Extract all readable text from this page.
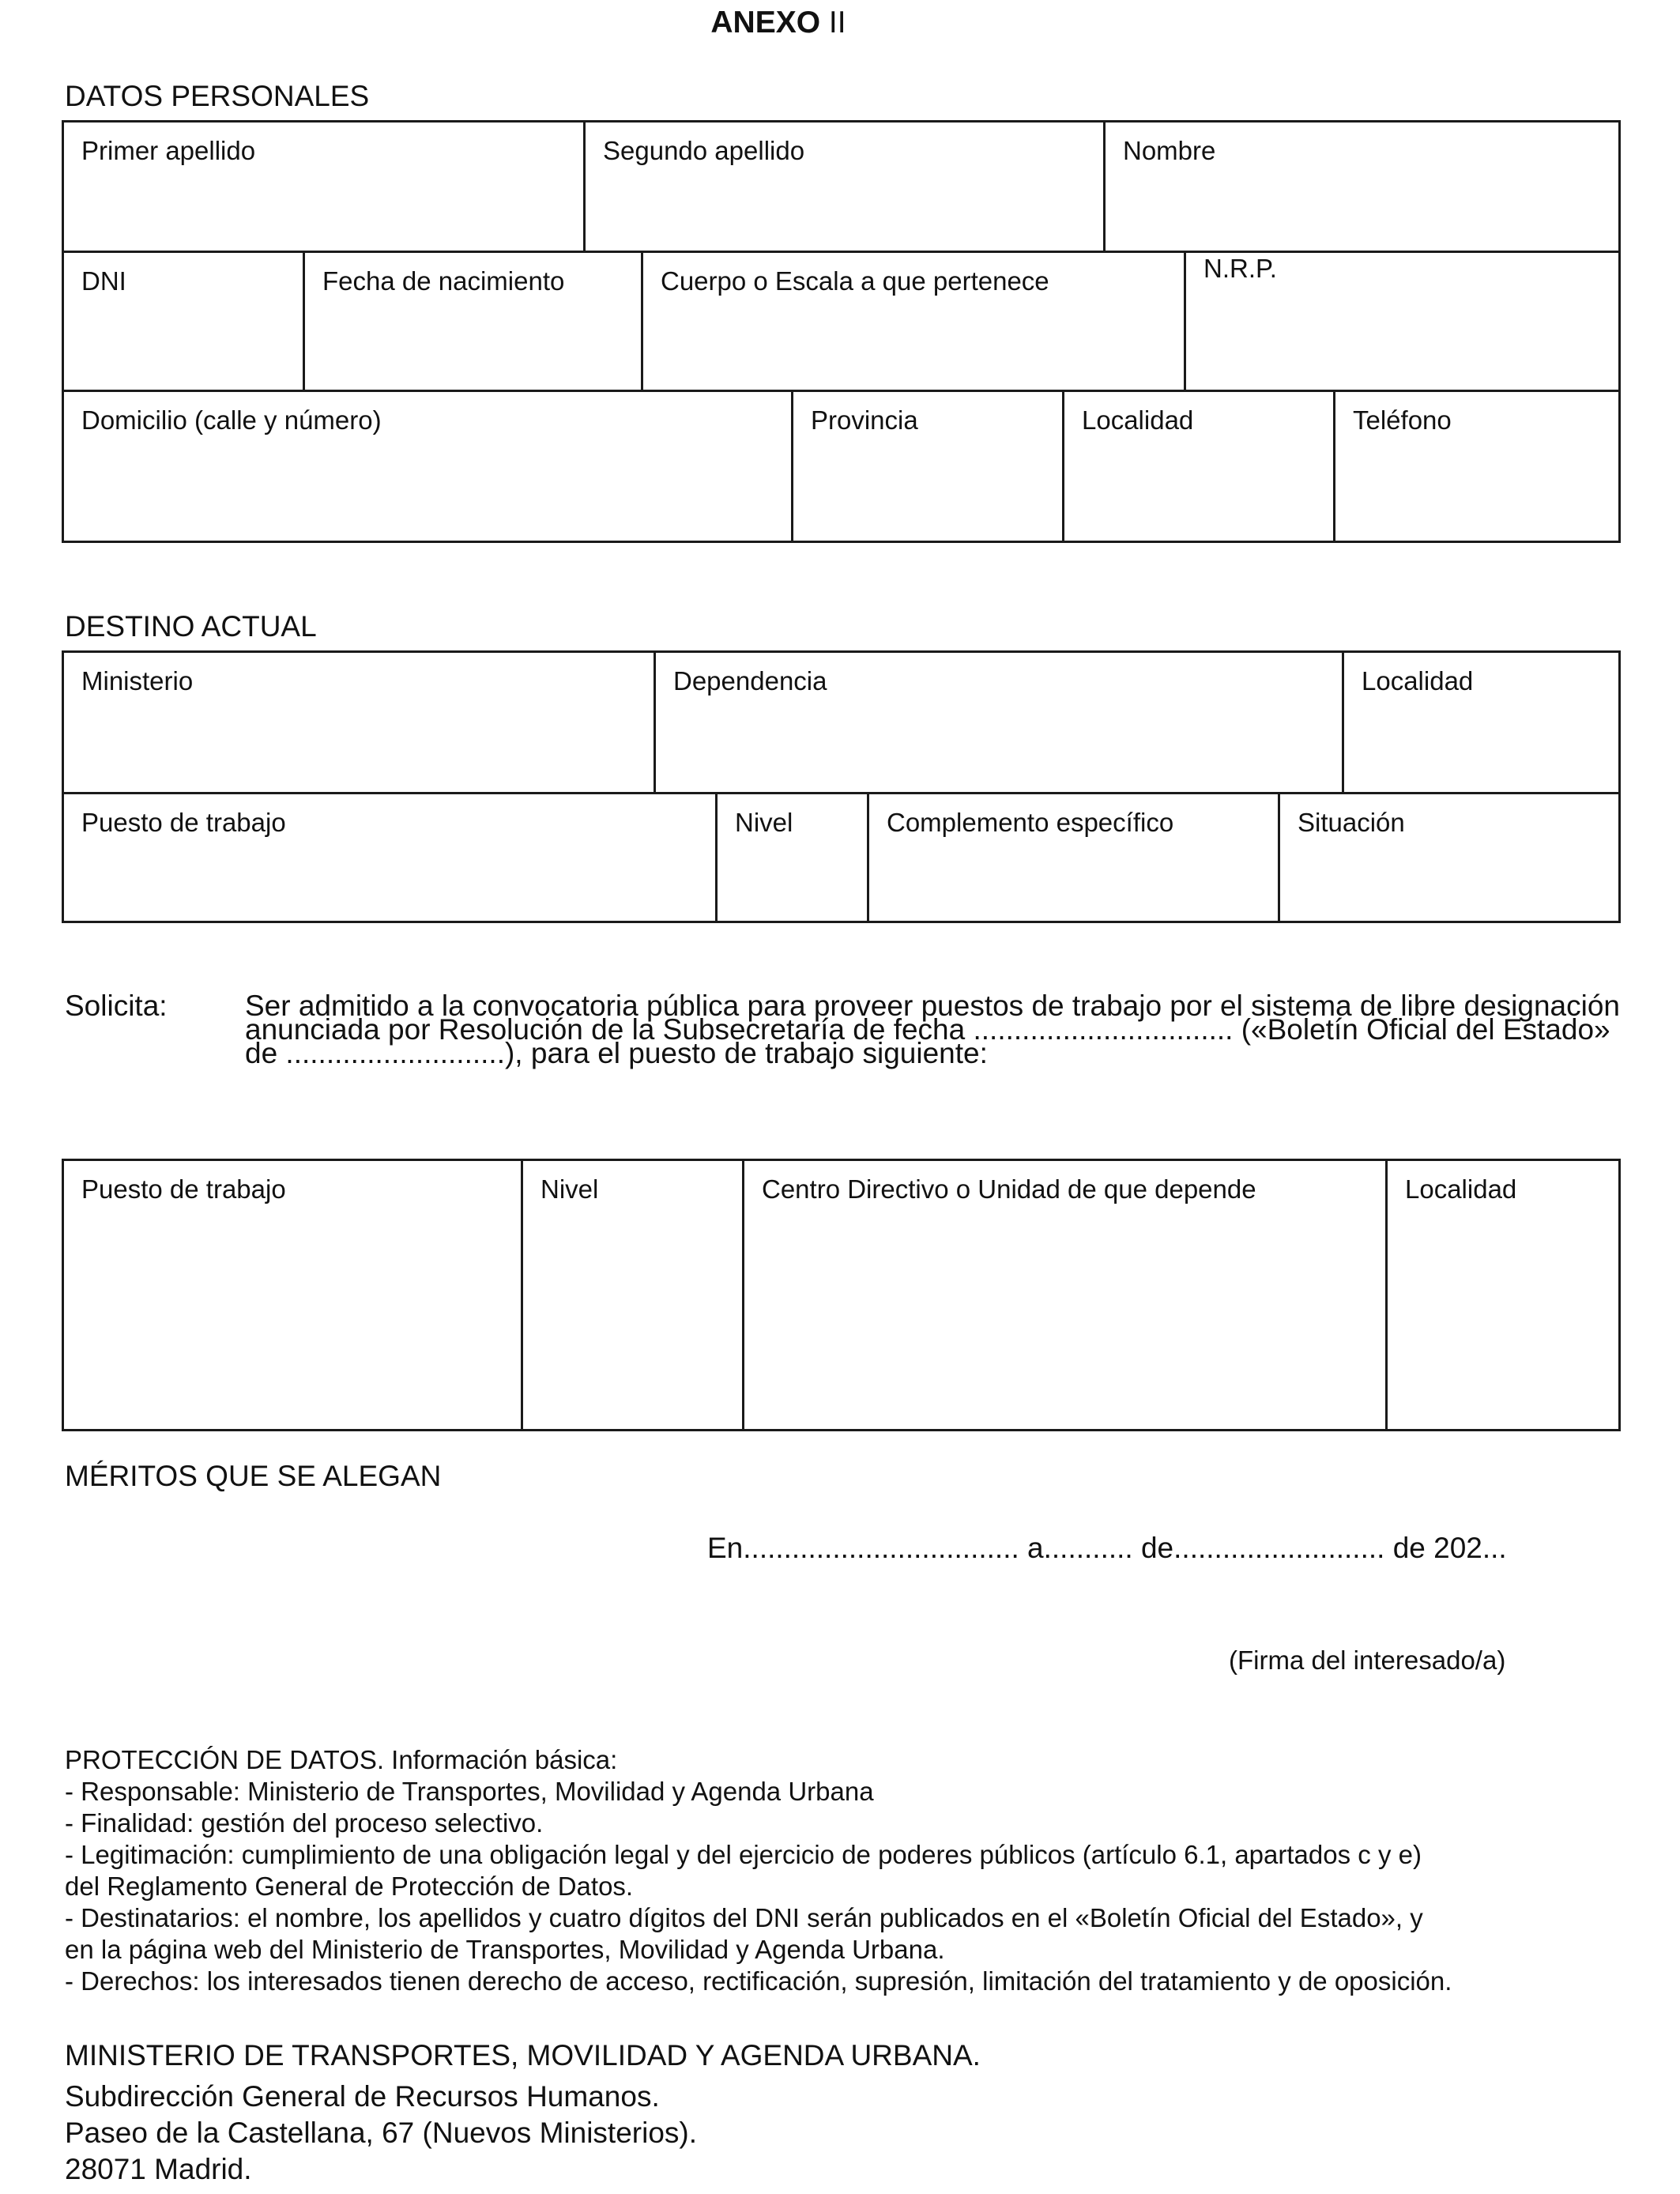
ANEXO II
DATOS PERSONALES
Primer apellido	Segundo apellido	Nombre
DNI	Fecha de nacimiento	Cuerpo o Escala a que pertenece	N.R.P.
Domicilio (calle y número)	Provincia	Localidad	Teléfono
DESTINO ACTUAL
Ministerio	Dependencia	Localidad
Puesto de trabajo	Nivel	Complemento específico	Situación
Solicita:	Ser admitido a la convocatoria pública para proveer puestos de trabajo por el sistema de libre designación
anunciada por Resolución de la Subsecretaría de fecha ................................ («Boletín Oficial del Estado»
de ...........................), para el puesto de trabajo siguiente:
Puesto de trabajo	Nivel	Centro Directivo o Unidad de que depende	Localidad
MÉRITOS QUE SE ALEGAN
En.................................. a........... de.......................... de 202...
(Firma del interesado/a)
PROTECCIÓN DE DATOS. Información básica:
- Responsable: Ministerio de Transportes, Movilidad y Agenda Urbana
- Finalidad: gestión del proceso selectivo.
- Legitimación: cumplimiento de una obligación legal y del ejercicio de poderes públicos (artículo 6.1, apartados c y e)
del Reglamento General de Protección de Datos.
- Destinatarios: el nombre, los apellidos y cuatro dígitos del DNI serán publicados en el «Boletín Oficial del Estado», y
en la página web del Ministerio de Transportes, Movilidad y Agenda Urbana.
- Derechos: los interesados tienen derecho de acceso, rectificación, supresión, limitación del tratamiento y de oposición.
MINISTERIO DE TRANSPORTES, MOVILIDAD Y AGENDA URBANA.
Subdirección General de Recursos Humanos.
Paseo de la Castellana, 67 (Nuevos Ministerios).
28071 Madrid.
